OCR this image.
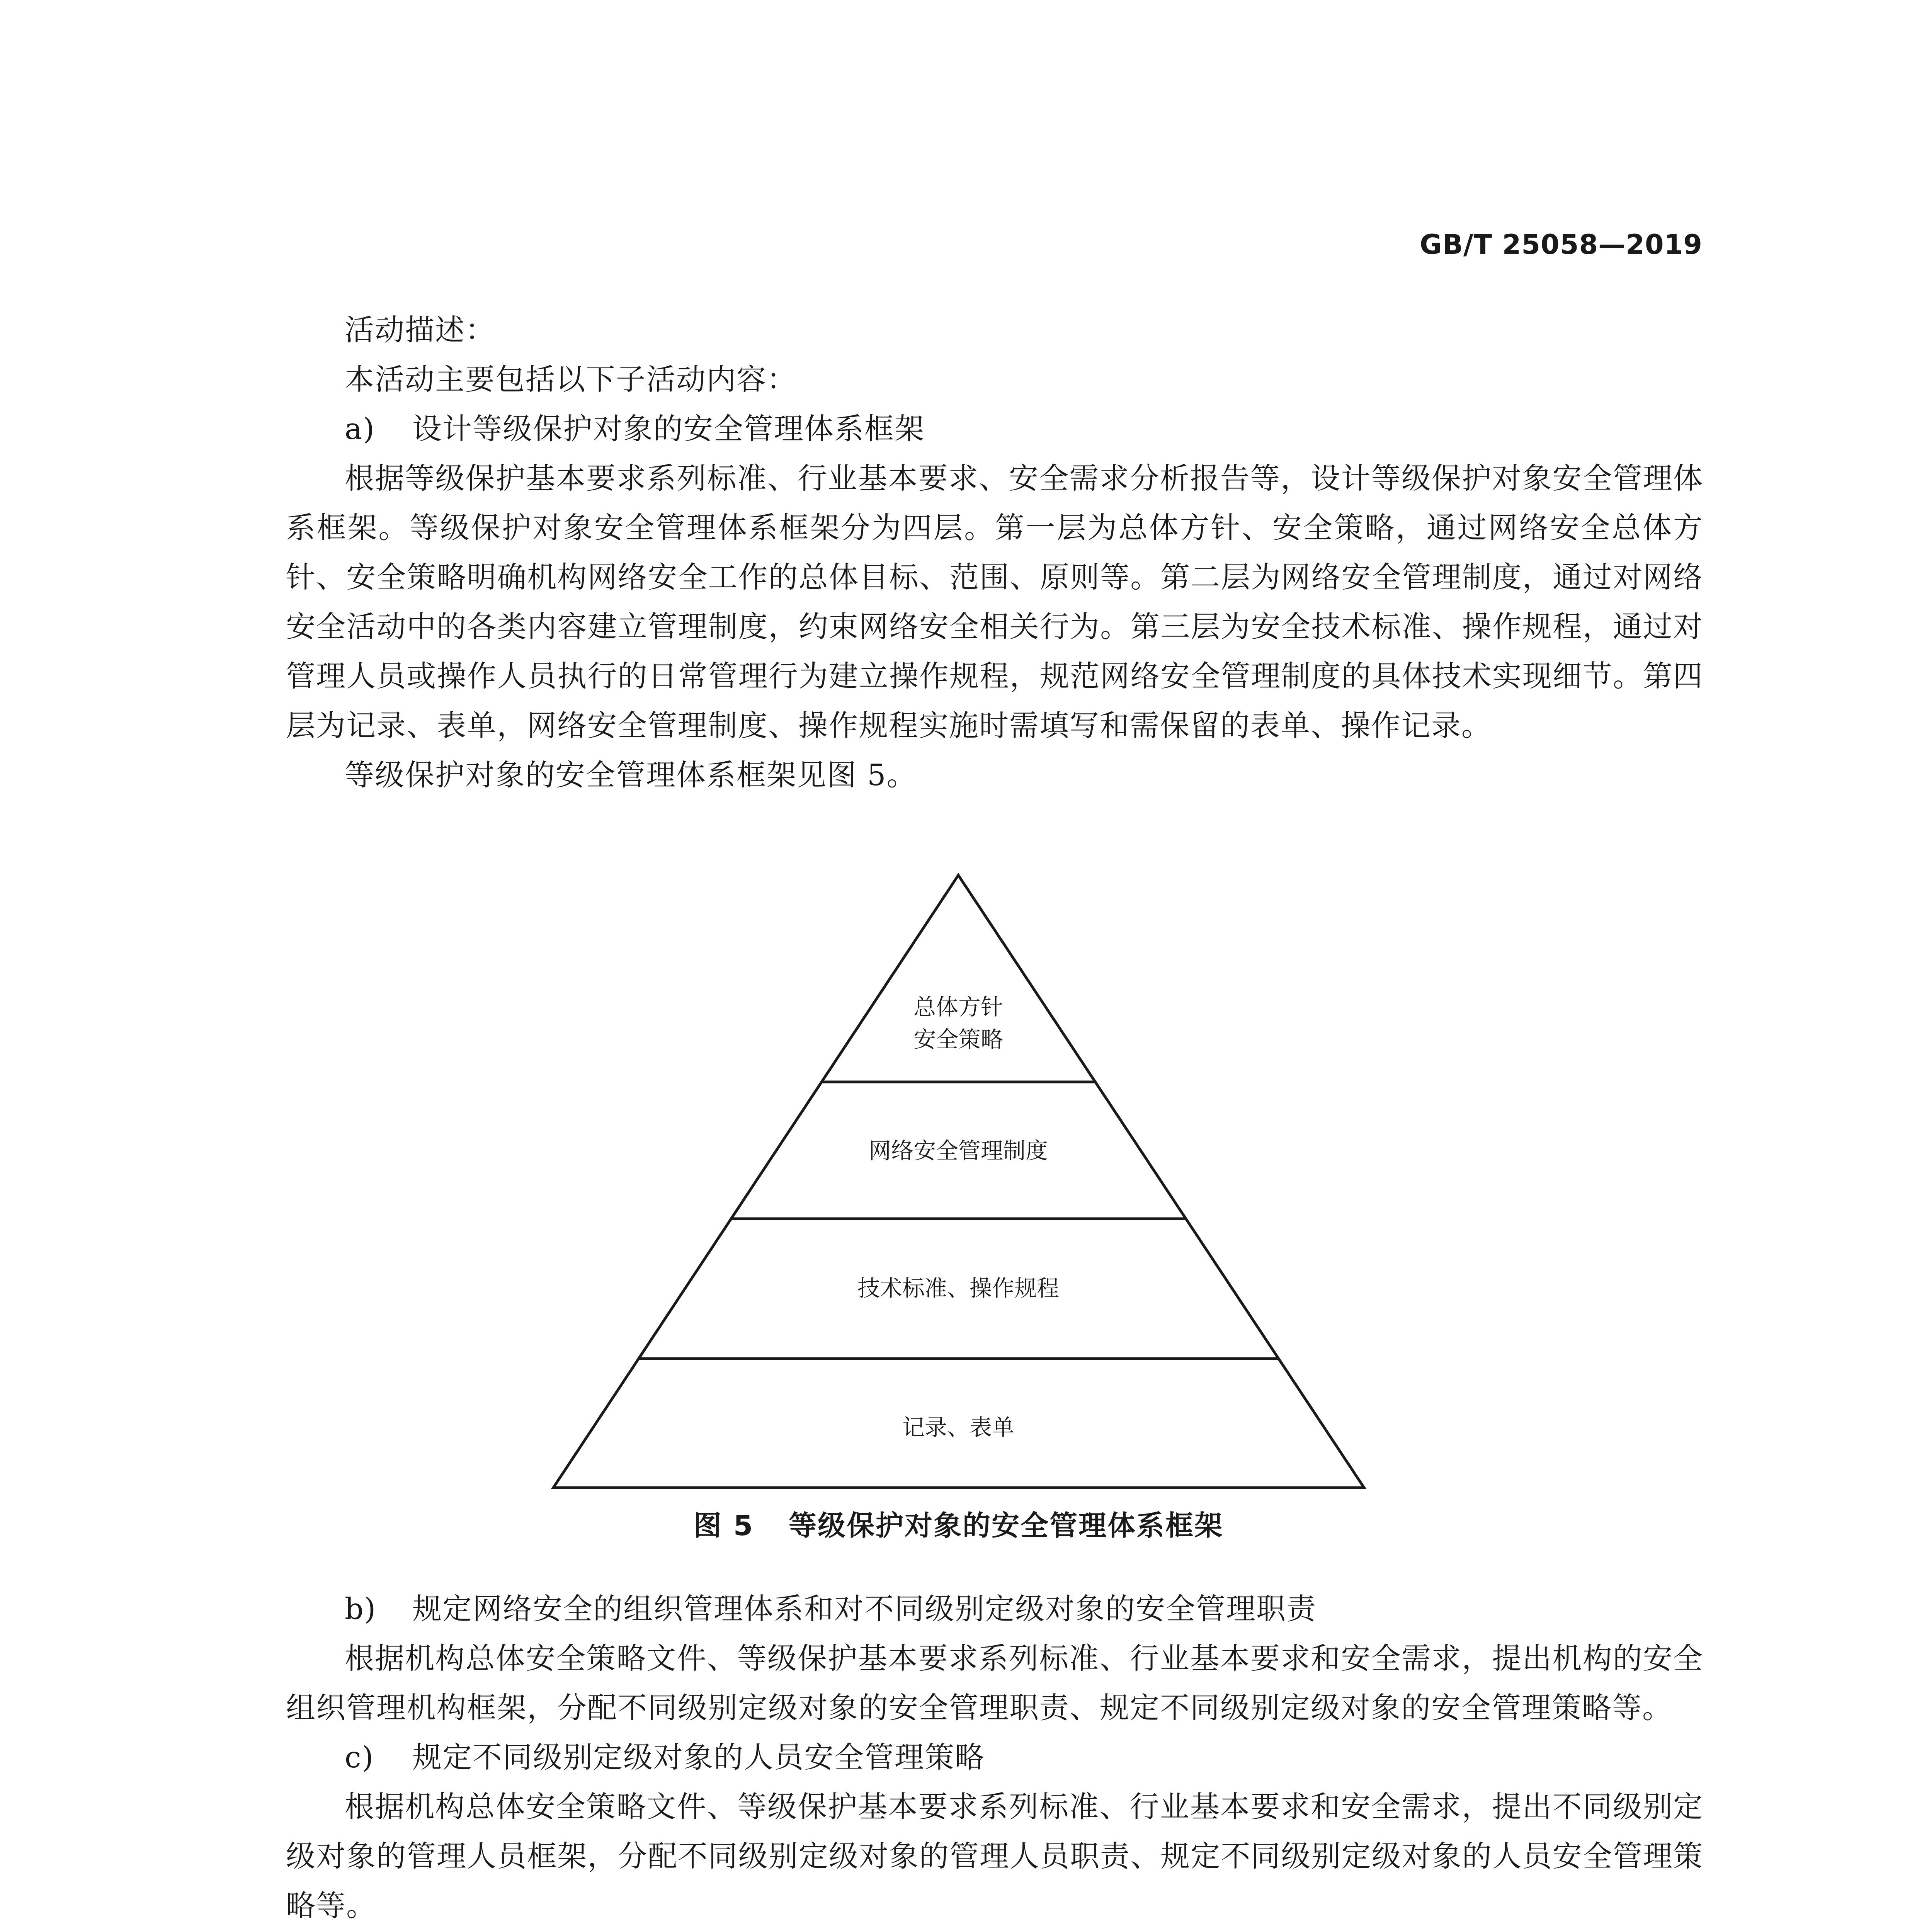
GB/T 25058—2019

活动描述：

本活动主要包括以下子活动内容：

a) 设计等级保护对象的安全管理体系框架

根据等级保护基本要求系列标准、行业基本要求、安全需求分析报告等，设计等级保护对象安全管理体系框架。等级保护对象安全管理体系框架分为四层。第一层为总体方针、安全策略，通过网络安全总体方针、安全策略明确机构网络安全工作的总体目标、范围、原则等。第二层为网络安全管理制度，通过对网络安全活动中的各类内容建立管理制度，约束网络安全相关行为。第三层为安全技术标准、操作规程，通过对管理人员或操作人员执行的日常管理行为建立操作规程，规范网络安全管理制度的具体技术实现细节。第四层为记录、表单，网络安全管理制度、操作规程实施时需填写和需保留的表单、操作记录。

等级保护对象的安全管理体系框架见图 5。

总体方针
安全策略
网络安全管理制度
技术标准、操作规程
记录、表单
图 5 等级保护对象的安全管理体系框架

b) 规定网络安全的组织管理体系和对不同级别定级对象的安全管理职责

根据机构总体安全策略文件、等级保护基本要求系列标准、行业基本要求和安全需求，提出机构的安全组织管理机构框架，分配不同级别定级对象的安全管理职责、规定不同级别定级对象的安全管理策略等。

c) 规定不同级别定级对象的人员安全管理策略

根据机构总体安全策略文件、等级保护基本要求系列标准、行业基本要求和安全需求，提出不同级别定级对象的管理人员框架，分配不同级别定级对象的管理人员职责、规定不同级别定级对象的人员安全管理策略等。
